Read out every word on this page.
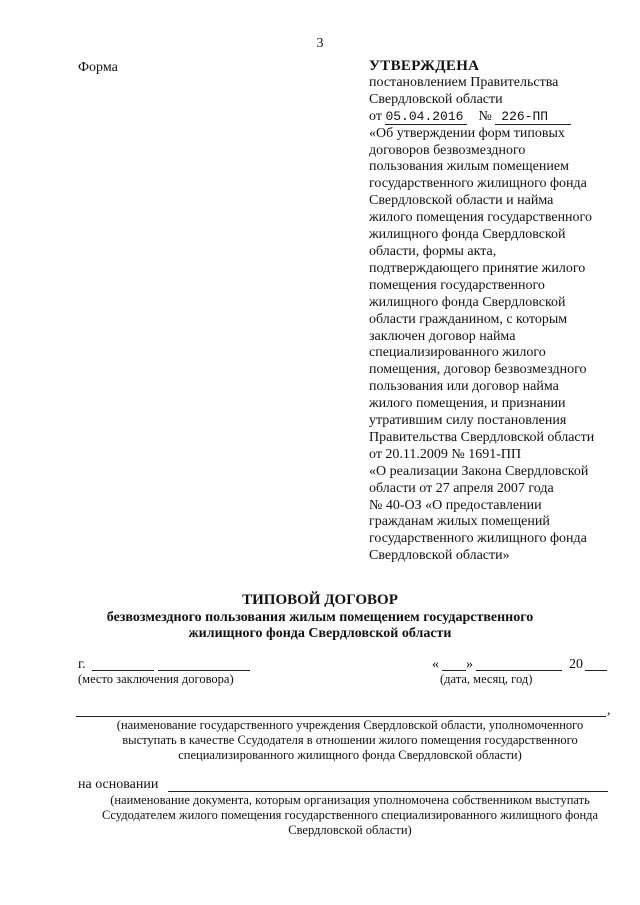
3
Форма	УТВЕРЖДЕНА
постановлением Правительства
Свердловской области
от 05.04.2016 № 226-ПП
«Об утверждении форм типовых
договоров безвозмездного
пользования жилым помещением
государственного жилищного фонда
Свердловской области и найма
жилого помещения государственного
жилищного фонда Свердловской
области, формы акта,
подтверждающего принятие жилого
помещения государственного
жилищного фонда Свердловской
области гражданином, с которым
заключен договор найма
специализированного жилого
помещения, договор безвозмездного
пользования или договор найма
жилого помещения, и признании
утратившим силу постановления
Правительства Свердловской области
от 20.11.2009 № 1691-ПП
«О реализации Закона Свердловской
области от 27 апреля 2007 года
№ 40-ОЗ «О предоставлении
гражданам жилых помещений
государственного жилищного фонда
Свердловской области»
ТИПОВОЙ ДОГОВОР
безвозмездного пользования жилым помещением государственного
жилищного фонда Свердловской области
г.
(место заключения договора)
« »	20
(дата, месяц, год)
,
(наименование государственного учреждения Свердловской области, уполномоченного
выступать в качестве Ссудодателя в отношении жилого помещения государственного
специализированного жилищного фонда Свердловской области)
на основании
(наименование документа, которым организация уполномочена собственником выступать
Ссудодателем жилого помещения государственного специализированного жилищного фонда
Свердловской области)
